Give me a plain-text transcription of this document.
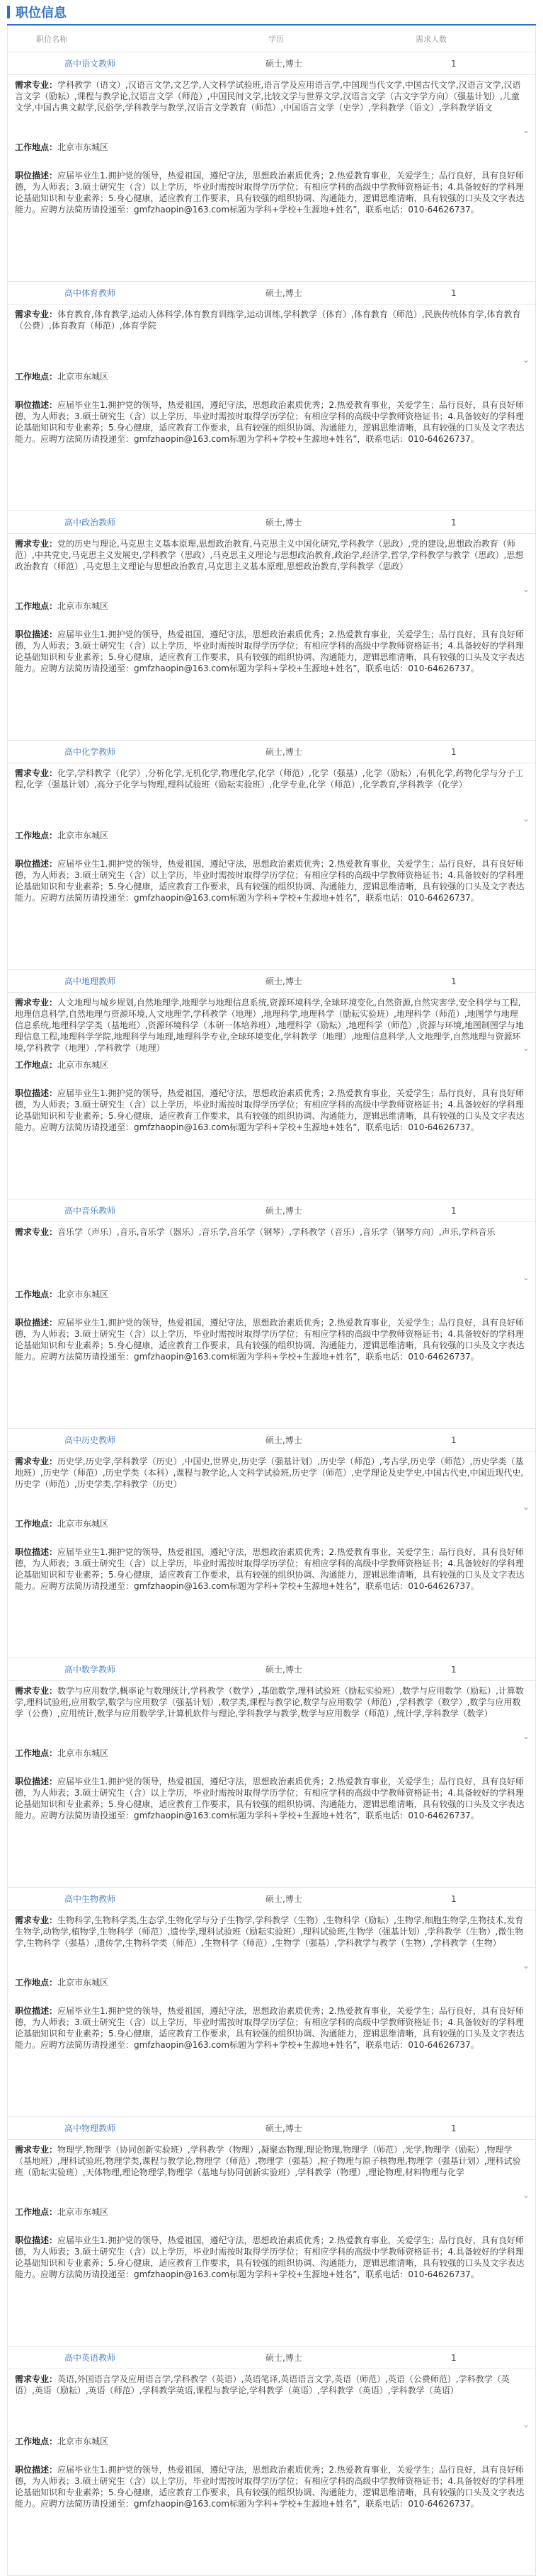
职位信息
职位名称	学历	需求人数
高中语文教师	硕士,博士	1
⌄
需求专业：学科教学（语文）,汉语言文学,文艺学,人文科学试验班,语言学及应用语言学,中国现当代文学,中国古代文学,汉语言文学,汉语言文学（励耘）,课程与教学论,汉语言文学（师范）,中国民间文学,比较文学与世界文学,汉语言文学（古文字学方向）（强基计划）,儿童文学,中国古典文献学,民俗学,学科教学与教学,汉语言文学教育（师范）,中国语言文学（史学）,学科教学（语文）,学科教学语文
工作地点：北京市东城区
职位描述：应届毕业生1.拥护党的领导，热爱祖国，遵纪守法，思想政治素质优秀；2.热爱教育事业，关爱学生；品行良好，具有良好师德，为人师表；3.硕士研究生（含）以上学历，毕业时需按时取得学历学位；有相应学科的高级中学教师资格证书；4.具备较好的学科理论基础知识和专业素养；5.身心健康，适应教育工作要求，具有较强的组织协调、沟通能力，逻辑思维清晰，具有较强的口头及文字表达能力。应聘方法简历请投递至：gmfzhaopin@163.com标题为学科+学校+生源地+姓名”，联系电话：010-64626737。
高中体育教师	硕士,博士	1
⌄
需求专业：体育教育,体育教学,运动人体科学,体育教育训练学,运动训练,学科教学（体育）,体育教育（师范）,民族传统体育学,体育教育（公费）,体育教育（师范）,体育学院
工作地点：北京市东城区
职位描述：应届毕业生1.拥护党的领导，热爱祖国，遵纪守法，思想政治素质优秀；2.热爱教育事业，关爱学生；品行良好，具有良好师德，为人师表；3.硕士研究生（含）以上学历，毕业时需按时取得学历学位；有相应学科的高级中学教师资格证书；4.具备较好的学科理论基础知识和专业素养；5.身心健康，适应教育工作要求，具有较强的组织协调、沟通能力，逻辑思维清晰，具有较强的口头及文字表达能力。应聘方法简历请投递至：gmfzhaopin@163.com标题为学科+学校+生源地+姓名”，联系电话：010-64626737。
高中政治教师	硕士,博士	1
⌄
需求专业：党的历史与理论,马克思主义基本原理,思想政治教育,马克思主义中国化研究,学科教学（思政）,党的建设,思想政治教育（师范）,中共党史,马克思主义发展史,学科教学（思政）,马克思主义理论与思想政治教育,政治学,经济学,哲学,学科教学与教学（思政）,思想政治教育（师范）,马克思主义理论与思想政治教育,马克思主义基本原理,思想政治教育,学科教学（思政）
工作地点：北京市东城区
职位描述：应届毕业生1.拥护党的领导，热爱祖国，遵纪守法，思想政治素质优秀；2.热爱教育事业，关爱学生；品行良好，具有良好师德，为人师表；3.硕士研究生（含）以上学历，毕业时需按时取得学历学位；有相应学科的高级中学教师资格证书；4.具备较好的学科理论基础知识和专业素养；5.身心健康，适应教育工作要求，具有较强的组织协调、沟通能力，逻辑思维清晰，具有较强的口头及文字表达能力。应聘方法简历请投递至：gmfzhaopin@163.com标题为学科+学校+生源地+姓名”，联系电话：010-64626737。
高中化学教师	硕士,博士	1
⌄
需求专业：化学,学科教学（化学）,分析化学,无机化学,物理化学,化学（师范）,化学（强基）,化学（励耘）,有机化学,药物化学与分子工程,化学（强基计划）,高分子化学与物理,理科试验班（励耘实验班）,化学专业,化学（师范）,化学教育,学科教学（化学）
工作地点：北京市东城区
职位描述：应届毕业生1.拥护党的领导，热爱祖国，遵纪守法，思想政治素质优秀；2.热爱教育事业，关爱学生；品行良好，具有良好师德，为人师表；3.硕士研究生（含）以上学历，毕业时需按时取得学历学位；有相应学科的高级中学教师资格证书；4.具备较好的学科理论基础知识和专业素养；5.身心健康，适应教育工作要求，具有较强的组织协调、沟通能力，逻辑思维清晰，具有较强的口头及文字表达能力。应聘方法简历请投递至：gmfzhaopin@163.com标题为学科+学校+生源地+姓名”，联系电话：010-64626737。
高中地理教师	硕士,博士	1
⌄
需求专业：人文地理与城乡规划,自然地理学,地理学与地理信息系统,资源环境科学,全球环境变化,自然资源,自然灾害学,安全科学与工程,地理信息科学,自然地理与资源环境,人文地理学,学科教学（地理）,地理科学,地理科学（励耘实验班）,地理科学（师范）,地图学与地理信息系统,地理科学学类（基地班）,资源环境科学（本研一体培养班）,地理科学（励耘）,地理科学（师范）,资源与环境,地图制图学与地理信息工程,地理科学学院,地理科学与地理,地理科学专业,全球环境变化,学科教学（地理）,地理信息科学,人文地理学,自然地理与资源环境,学科教学（地理）,学科教学（地理）
工作地点：北京市东城区
职位描述：应届毕业生1.拥护党的领导，热爱祖国，遵纪守法，思想政治素质优秀；2.热爱教育事业，关爱学生；品行良好，具有良好师德，为人师表；3.硕士研究生（含）以上学历，毕业时需按时取得学历学位；有相应学科的高级中学教师资格证书；4.具备较好的学科理论基础知识和专业素养；5.身心健康，适应教育工作要求，具有较强的组织协调、沟通能力，逻辑思维清晰，具有较强的口头及文字表达能力。应聘方法简历请投递至：gmfzhaopin@163.com标题为学科+学校+生源地+姓名”，联系电话：010-64626737。
高中音乐教师	硕士,博士	1
⌄
需求专业：音乐学（声乐）,音乐,音乐学（器乐）,音乐学,音乐学（钢琴）,学科教学（音乐）,音乐学（钢琴方向）,声乐,学科音乐
工作地点：北京市东城区
职位描述：应届毕业生1.拥护党的领导，热爱祖国，遵纪守法，思想政治素质优秀；2.热爱教育事业，关爱学生；品行良好，具有良好师德，为人师表；3.硕士研究生（含）以上学历，毕业时需按时取得学历学位；有相应学科的高级中学教师资格证书；4.具备较好的学科理论基础知识和专业素养；5.身心健康，适应教育工作要求，具有较强的组织协调、沟通能力，逻辑思维清晰，具有较强的口头及文字表达能力。应聘方法简历请投递至：gmfzhaopin@163.com标题为学科+学校+生源地+姓名”，联系电话：010-64626737。
高中历史教师	硕士,博士	1
⌄
需求专业：历史学,历史学,学科教学（历史）,中国史,世界史,历史学（强基计划）,历史学（师范）,考古学,历史学（师范）,历史学类（基地班）,历史学（师范）,历史学类（本科）,课程与教学论,人文科学试验班,历史学（师范）,史学理论及史学史,中国古代史,中国近现代史,历史学（师范）,历史学类,学科教学（历史）
工作地点：北京市东城区
职位描述：应届毕业生1.拥护党的领导，热爱祖国，遵纪守法，思想政治素质优秀；2.热爱教育事业，关爱学生；品行良好，具有良好师德，为人师表；3.硕士研究生（含）以上学历，毕业时需按时取得学历学位；有相应学科的高级中学教师资格证书；4.具备较好的学科理论基础知识和专业素养；5.身心健康，适应教育工作要求，具有较强的组织协调、沟通能力，逻辑思维清晰，具有较强的口头及文字表达能力。应聘方法简历请投递至：gmfzhaopin@163.com标题为学科+学校+生源地+姓名”，联系电话：010-64626737。
高中数学教师	硕士,博士	1
⌄
需求专业：数学与应用数学,概率论与数理统计,学科教学（数学）,基础数学,理科试验班（励耘实验班）,数学与应用数学（励耘）,计算数学,理科试验班,应用数学,数学与应用数学（强基计划）,数学类,课程与教学论,数学与应用数学（师范）,学科教学（数学）,数学与应用数学（公费）,应用统计,数学与应用数学学,计算机软件与理论,学科教学与教学,数学与应用数学（师范）,统计学,学科教学（数学）
工作地点：北京市东城区
职位描述：应届毕业生1.拥护党的领导，热爱祖国，遵纪守法，思想政治素质优秀；2.热爱教育事业，关爱学生；品行良好，具有良好师德，为人师表；3.硕士研究生（含）以上学历，毕业时需按时取得学历学位；有相应学科的高级中学教师资格证书；4.具备较好的学科理论基础知识和专业素养；5.身心健康，适应教育工作要求，具有较强的组织协调、沟通能力，逻辑思维清晰，具有较强的口头及文字表达能力。应聘方法简历请投递至：gmfzhaopin@163.com标题为学科+学校+生源地+姓名”，联系电话：010-64626737。
高中生物教师	硕士,博士	1
⌄
需求专业：生物科学,生物科学类,生态学,生物化学与分子生物学,学科教学（生物）,生物科学（励耘）,生物学,细胞生物学,生物技术,发育生物学,动物学,植物学,生物科学（师范）,遗传学,理科试验班（励耘实验班）,理科试验班,生物学（强基计划）,学科教学（生物）,微生物学,生物科学（强基）,遗传学,生物科学类（师范）,生物科学（师范）,生物学（强基）,学科教学与教学（生物）,学科教学（生物）
工作地点：北京市东城区
职位描述：应届毕业生1.拥护党的领导，热爱祖国，遵纪守法，思想政治素质优秀；2.热爱教育事业，关爱学生；品行良好，具有良好师德，为人师表；3.硕士研究生（含）以上学历，毕业时需按时取得学历学位；有相应学科的高级中学教师资格证书；4.具备较好的学科理论基础知识和专业素养；5.身心健康，适应教育工作要求，具有较强的组织协调、沟通能力，逻辑思维清晰，具有较强的口头及文字表达能力。应聘方法简历请投递至：gmfzhaopin@163.com标题为学科+学校+生源地+姓名”，联系电话：010-64626737。
高中物理教师	硕士,博士	1
⌄
需求专业：物理学,物理学（协同创新实验班）,学科教学（物理）,凝聚态物理,理论物理,物理学（师范）,光学,物理学（励耘）,物理学（基地班）,理科试验班,物理学类,课程与教学论,物理学（师范）,物理学（强基）,粒子物理与原子核物理,物理学（强基计划）,理科试验班（励耘实验班）,天体物理,理论物理学,物理学（基地与协同创新实验班）,学科教学（物理）,理论物理,材料物理与化学
工作地点：北京市东城区
职位描述：应届毕业生1.拥护党的领导，热爱祖国，遵纪守法，思想政治素质优秀；2.热爱教育事业，关爱学生；品行良好，具有良好师德，为人师表；3.硕士研究生（含）以上学历，毕业时需按时取得学历学位；有相应学科的高级中学教师资格证书；4.具备较好的学科理论基础知识和专业素养；5.身心健康，适应教育工作要求，具有较强的组织协调、沟通能力，逻辑思维清晰，具有较强的口头及文字表达能力。应聘方法简历请投递至：gmfzhaopin@163.com标题为学科+学校+生源地+姓名”，联系电话：010-64626737。
高中英语教师	硕士,博士	1
⌄
需求专业：英语,外国语言学及应用语言学,学科教学（英语）,英语笔译,英语语言文学,英语（师范）,英语（公费师范）,学科教学（英语）,英语（励耘）,英语（师范）,学科教学英语,课程与教学论,学科教学（英语）,学科教学（英语）,学科教学（英语）
工作地点：北京市东城区
职位描述：应届毕业生1.拥护党的领导，热爱祖国，遵纪守法，思想政治素质优秀；2.热爱教育事业，关爱学生；品行良好，具有良好师德，为人师表；3.硕士研究生（含）以上学历，毕业时需按时取得学历学位；有相应学科的高级中学教师资格证书；4.具备较好的学科理论基础知识和专业素养；5.身心健康，适应教育工作要求，具有较强的组织协调、沟通能力，逻辑思维清晰，具有较强的口头及文字表达能力。应聘方法简历请投递至：gmfzhaopin@163.com标题为学科+学校+生源地+姓名”，联系电话：010-64626737。
